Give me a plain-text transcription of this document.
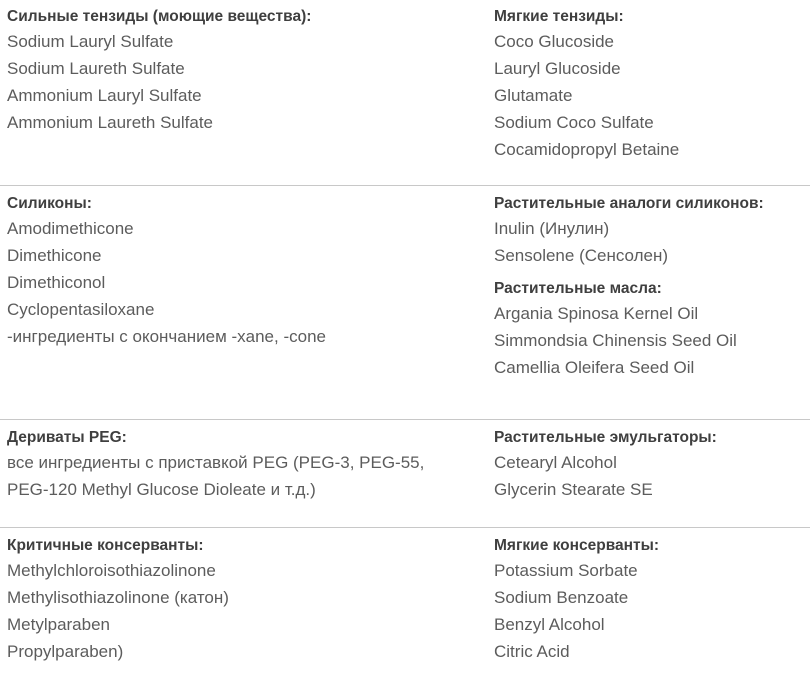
Сильные тензиды (моющие вещества):
Sodium Lauryl Sulfate
Sodium Laureth Sulfate
Ammonium Lauryl Sulfate
Ammonium Laureth Sulfate
Мягкие тензиды:
Coco Glucoside
Lauryl Glucoside
Glutamate
Sodium Coco Sulfate
Cocamidopropyl Betaine
Силиконы:
Amodimethicone
Dimethicone
Dimethiconol
Cyclopentasiloxane
-ингредиенты с окончанием -xane, -cone
Растительные аналоги силиконов:
Inulin (Инулин)
Sensolene (Сенсолен)
Растительные масла:
Argania Spinosa Kernel Oil
Simmondsia Chinensis Seed Oil
Camellia Oleifera Seed Oil
Дериваты PEG:
все ингредиенты с приставкой PEG (PEG-3, PEG-55,
PEG-120 Methyl Glucose Dioleate и т.д.)
Растительные эмульгаторы:
Cetearyl Alcohol
Glycerin Stearate SE
Критичные консерванты:
Methylchloroisothiazolinone
Methylisothiazolinone (катон)
Metylparaben
Propylparaben)
Мягкие консерванты:
Potassium Sorbate
Sodium Benzoate
Benzyl Alcohol
Citric Acid
